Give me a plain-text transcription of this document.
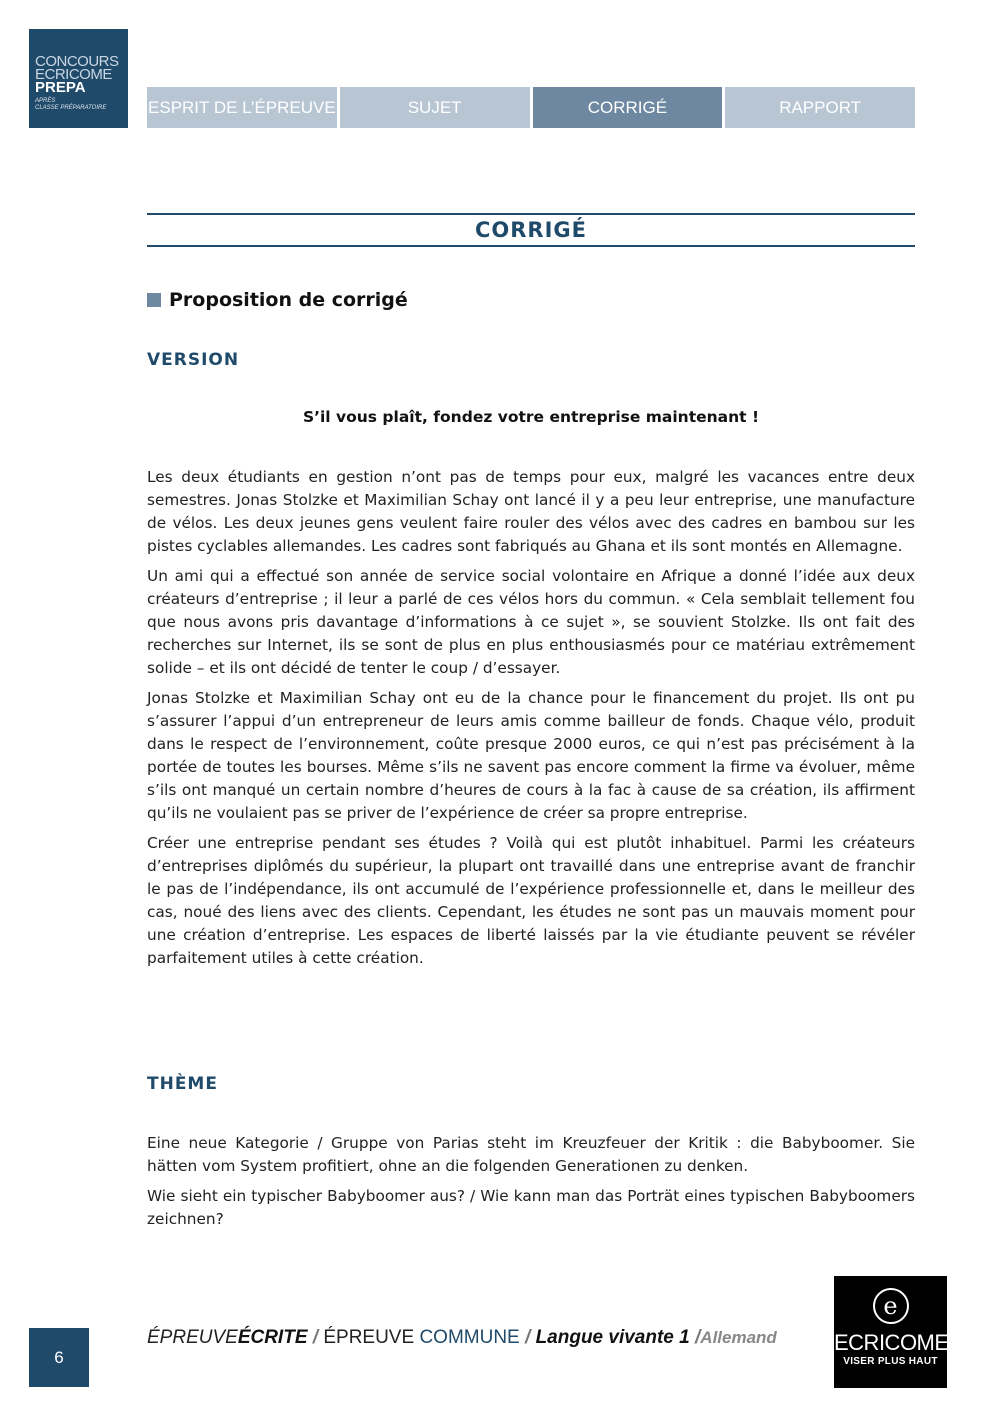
CONCOURS
ECRICOME
PREPA
APRÈS
CLASSE PRÉPARATOIRE	ESPRIT DE L’ÉPREUVE	SUJET	CORRIGÉ	RAPPORT
CORRIGÉ
Proposition de corrigé
VERSION
S’il vous plaît, fondez votre entreprise maintenant !

Les deux étudiants en gestion n’ont pas de temps pour eux, malgré les vacances entre deux semestres. Jonas Stolzke et Maximilian Schay ont lancé il y a peu leur entreprise, une manufacture de vélos. Les deux jeunes gens veulent faire rouler des vélos avec des cadres en bambou sur les pistes cyclables allemandes. Les cadres sont fabriqués au Ghana et ils sont montés en Allemagne.

Un ami qui a effectué son année de service social volontaire en Afrique a donné l’idée aux deux créateurs d’entreprise ; il leur a parlé de ces vélos hors du commun. « Cela semblait tellement fou que nous avons pris davantage d’informations à ce sujet », se souvient Stolzke. Ils ont fait des recherches sur Internet, ils se sont de plus en plus enthousiasmés pour ce matériau extrêmement solide – et ils ont décidé de tenter le coup / d’essayer.

Jonas Stolzke et Maximilian Schay ont eu de la chance pour le financement du projet. Ils ont pu s’assurer l’appui d’un entrepreneur de leurs amis comme bailleur de fonds. Chaque vélo, produit dans le respect de l’environnement, coûte presque 2000 euros, ce qui n’est pas précisément à la portée de toutes les bourses. Même s’ils ne savent pas encore comment la firme va évoluer, même s’ils ont manqué un certain nombre d’heures de cours à la fac à cause de sa création, ils affirment qu’ils ne voulaient pas se priver de l’expérience de créer sa propre entreprise.

Créer une entreprise pendant ses études ? Voilà qui est plutôt inhabituel. Parmi les créateurs d’entreprises diplômés du supérieur, la plupart ont travaillé dans une entreprise avant de franchir le pas de l’indépendance, ils ont accumulé de l’expérience professionnelle et, dans le meilleur des cas, noué des liens avec des clients. Cependant, les études ne sont pas un mauvais moment pour une création d’entreprise. Les espaces de liberté laissés par la vie étudiante peuvent se révéler parfaitement utiles à cette création.

THÈME

Eine neue Kategorie / Gruppe von Parias steht im Kreuzfeuer der Kritik : die Babyboomer. Sie hätten vom System profitiert, ohne an die folgenden Generationen zu denken.

Wie sieht ein typischer Babyboomer aus? / Wie kann man das Porträt eines typischen Babyboomers zeichnen?

6
ÉPREUVEÉCRITE / ÉPREUVE COMMUNE / Langue vivante 1 /Allemand
e
ECRICOME
VISER PLUS HAUT
